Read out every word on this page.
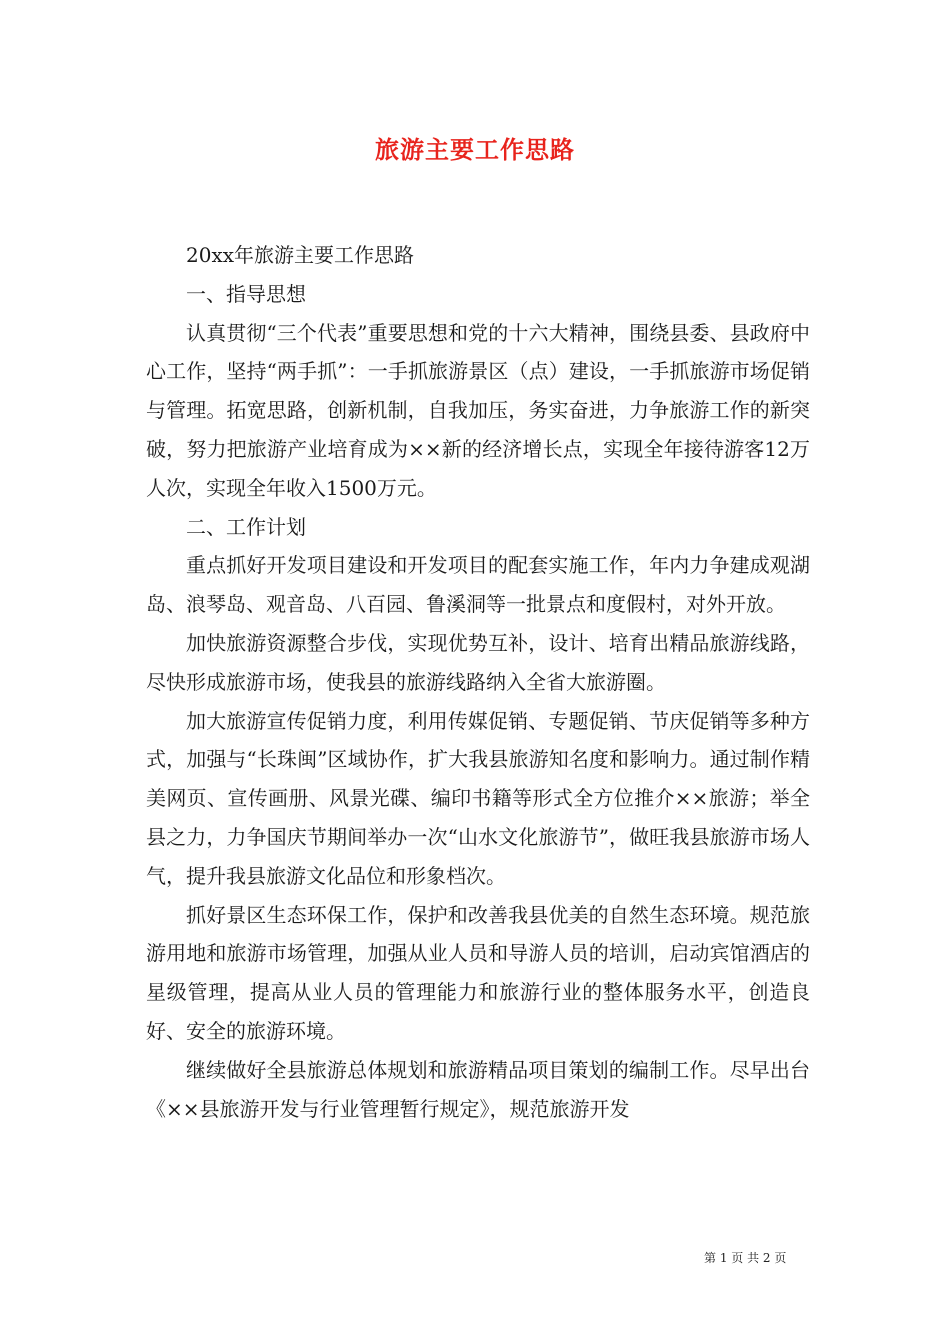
旅游主要工作思路

20xx年旅游主要工作思路

一、指导思想

认真贯彻“三个代表”重要思想和党的十六大精神，围绕县委、县政府中心工作，坚持“两手抓”：一手抓旅游景区（点）建设，一手抓旅游市场促销与管理。拓宽思路，创新机制，自我加压，务实奋进，力争旅游工作的新突破，努力把旅游产业培育成为××新的经济增长点，实现全年接待游客12万人次，实现全年收入1500万元。

二、工作计划

重点抓好开发项目建设和开发项目的配套实施工作，年内力争建成观湖岛、浪琴岛、观音岛、八百园、鲁溪洞等一批景点和度假村，对外开放。

加快旅游资源整合步伐，实现优势互补，设计、培育出精品旅游线路，尽快形成旅游市场，使我县的旅游线路纳入全省大旅游圈。

加大旅游宣传促销力度，利用传媒促销、专题促销、节庆促销等多种方式，加强与“长珠闽”区域协作，扩大我县旅游知名度和影响力。通过制作精美网页、宣传画册、风景光碟、编印书籍等形式全方位推介××旅游；举全县之力，力争国庆节期间举办一次“山水文化旅游节”，做旺我县旅游市场人气，提升我县旅游文化品位和形象档次。

抓好景区生态环保工作，保护和改善我县优美的自然生态环境。规范旅游用地和旅游市场管理，加强从业人员和导游人员的培训，启动宾馆酒店的星级管理，提高从业人员的管理能力和旅游行业的整体服务水平，创造良好、安全的旅游环境。

继续做好全县旅游总体规划和旅游精品项目策划的编制工作。尽早出台《××县旅游开发与行业管理暂行规定》，规范旅游开发

第 1 页 共 2 页
